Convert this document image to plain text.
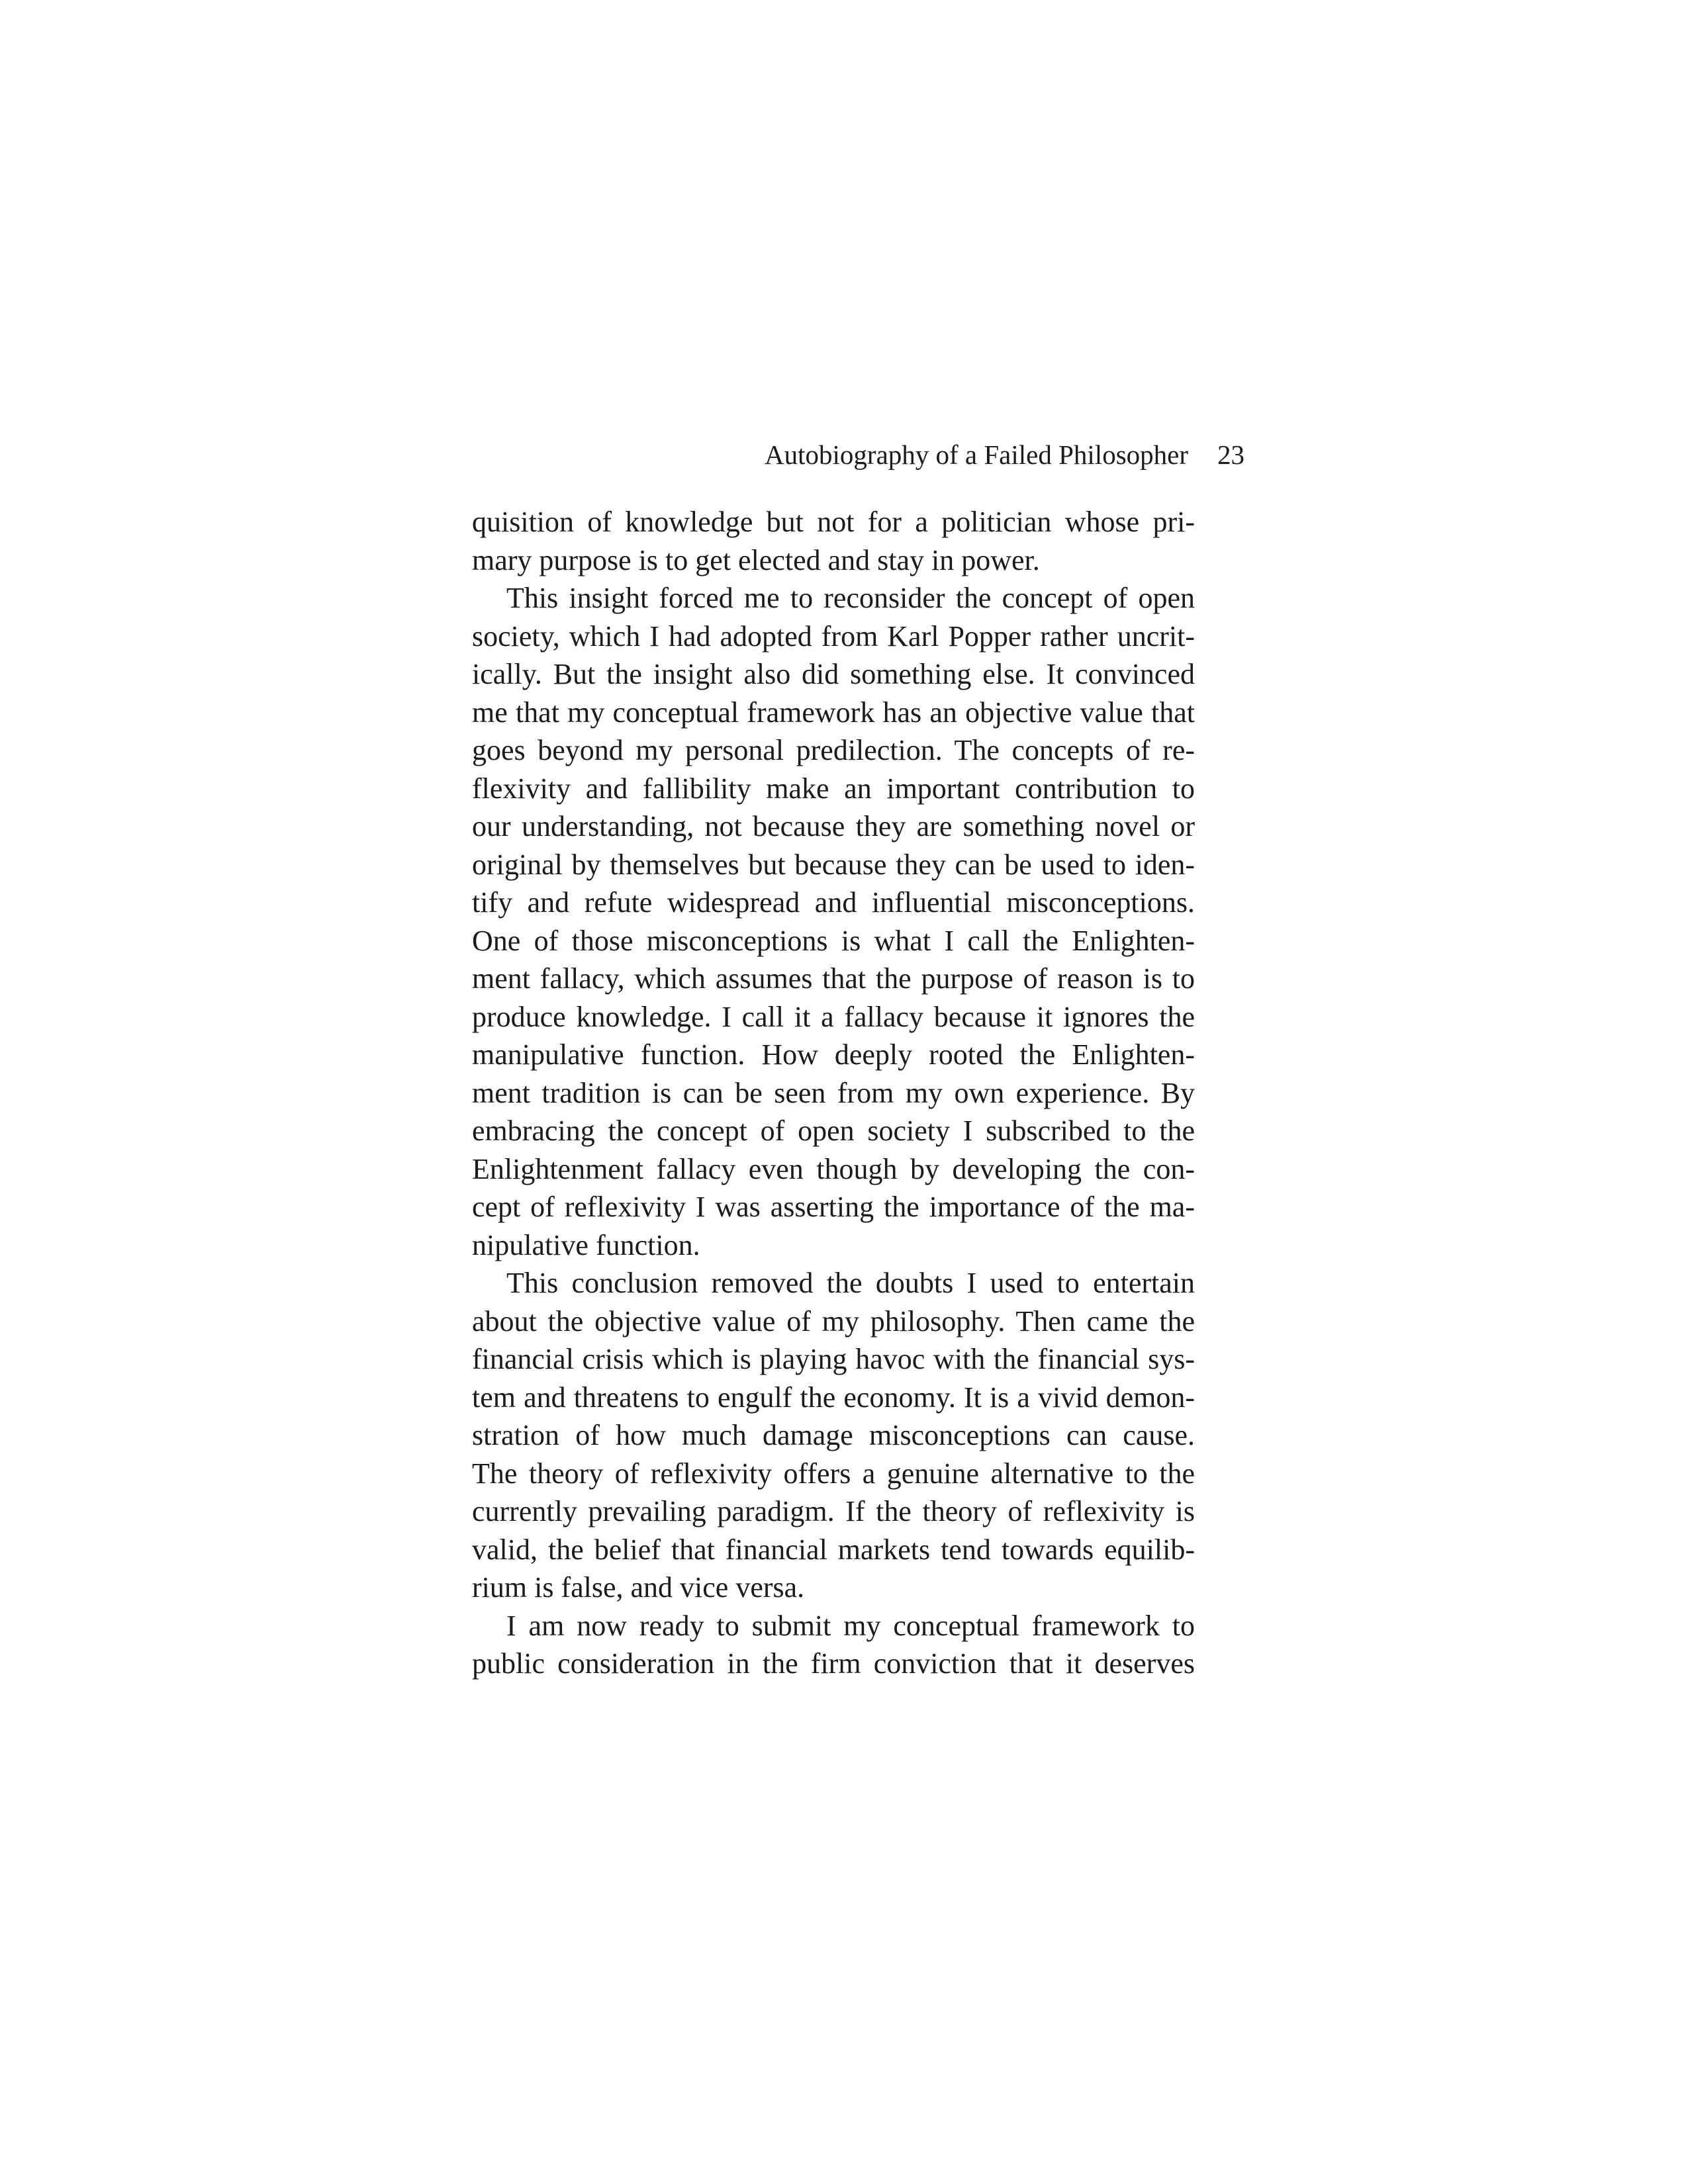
Autobiography of a Failed Philosopher 23
quisition of knowledge but not for a politician whose pri-
mary purpose is to get elected and stay in power.
This insight forced me to reconsider the concept of open
society, which I had adopted from Karl Popper rather uncrit-
ically. But the insight also did something else. It convinced
me that my conceptual framework has an objective value that
goes beyond my personal predilection. The concepts of re-
flexivity and fallibility make an important contribution to
our understanding, not because they are something novel or
original by themselves but because they can be used to iden-
tify and refute widespread and influential misconceptions.
One of those misconceptions is what I call the Enlighten-
ment fallacy, which assumes that the purpose of reason is to
produce knowledge. I call it a fallacy because it ignores the
manipulative function. How deeply rooted the Enlighten-
ment tradition is can be seen from my own experience. By
embracing the concept of open society I subscribed to the
Enlightenment fallacy even though by developing the con-
cept of reflexivity I was asserting the importance of the ma-
nipulative function.
This conclusion removed the doubts I used to entertain
about the objective value of my philosophy. Then came the
financial crisis which is playing havoc with the financial sys-
tem and threatens to engulf the economy. It is a vivid demon-
stration of how much damage misconceptions can cause.
The theory of reflexivity offers a genuine alternative to the
currently prevailing paradigm. If the theory of reflexivity is
valid, the belief that financial markets tend towards equilib-
rium is false, and vice versa.
I am now ready to submit my conceptual framework to
public consideration in the firm conviction that it deserves
